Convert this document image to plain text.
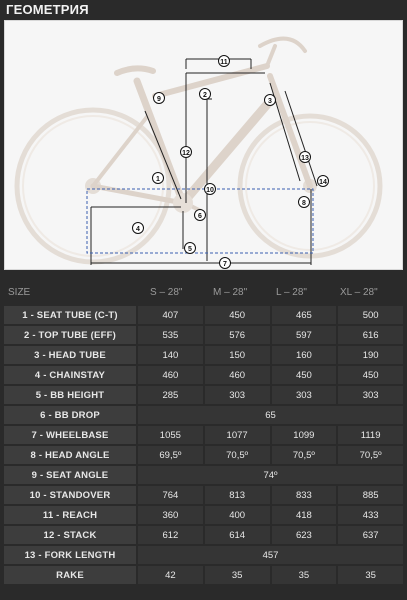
ГЕОМЕТРИЯ
1
2
3
4
5
6
7
8
9
10
11
12
13
14
SIZE	S – 28"	M – 28"	L – 28"	XL – 28"
1 - SEAT TUBE (C-T)	407	450	465	500
2 - TOP TUBE (EFF)	535	576	597	616
3 - HEAD TUBE	140	150	160	190
4 - CHAINSTAY	460	460	450	450
5 - BB HEIGHT	285	303	303	303
6 - BB DROP	65			
7 - WHEELBASE	1055	1077	1099	1119
8 - HEAD ANGLE	69,5º	70,5º	70,5º	70,5º
9 - SEAT ANGLE	74º			
10 - STANDOVER	764	813	833	885
11 - REACH	360	400	418	433
12 - STACK	612	614	623	637
13 - FORK LENGTH	457			
RAKE	42	35	35	35
